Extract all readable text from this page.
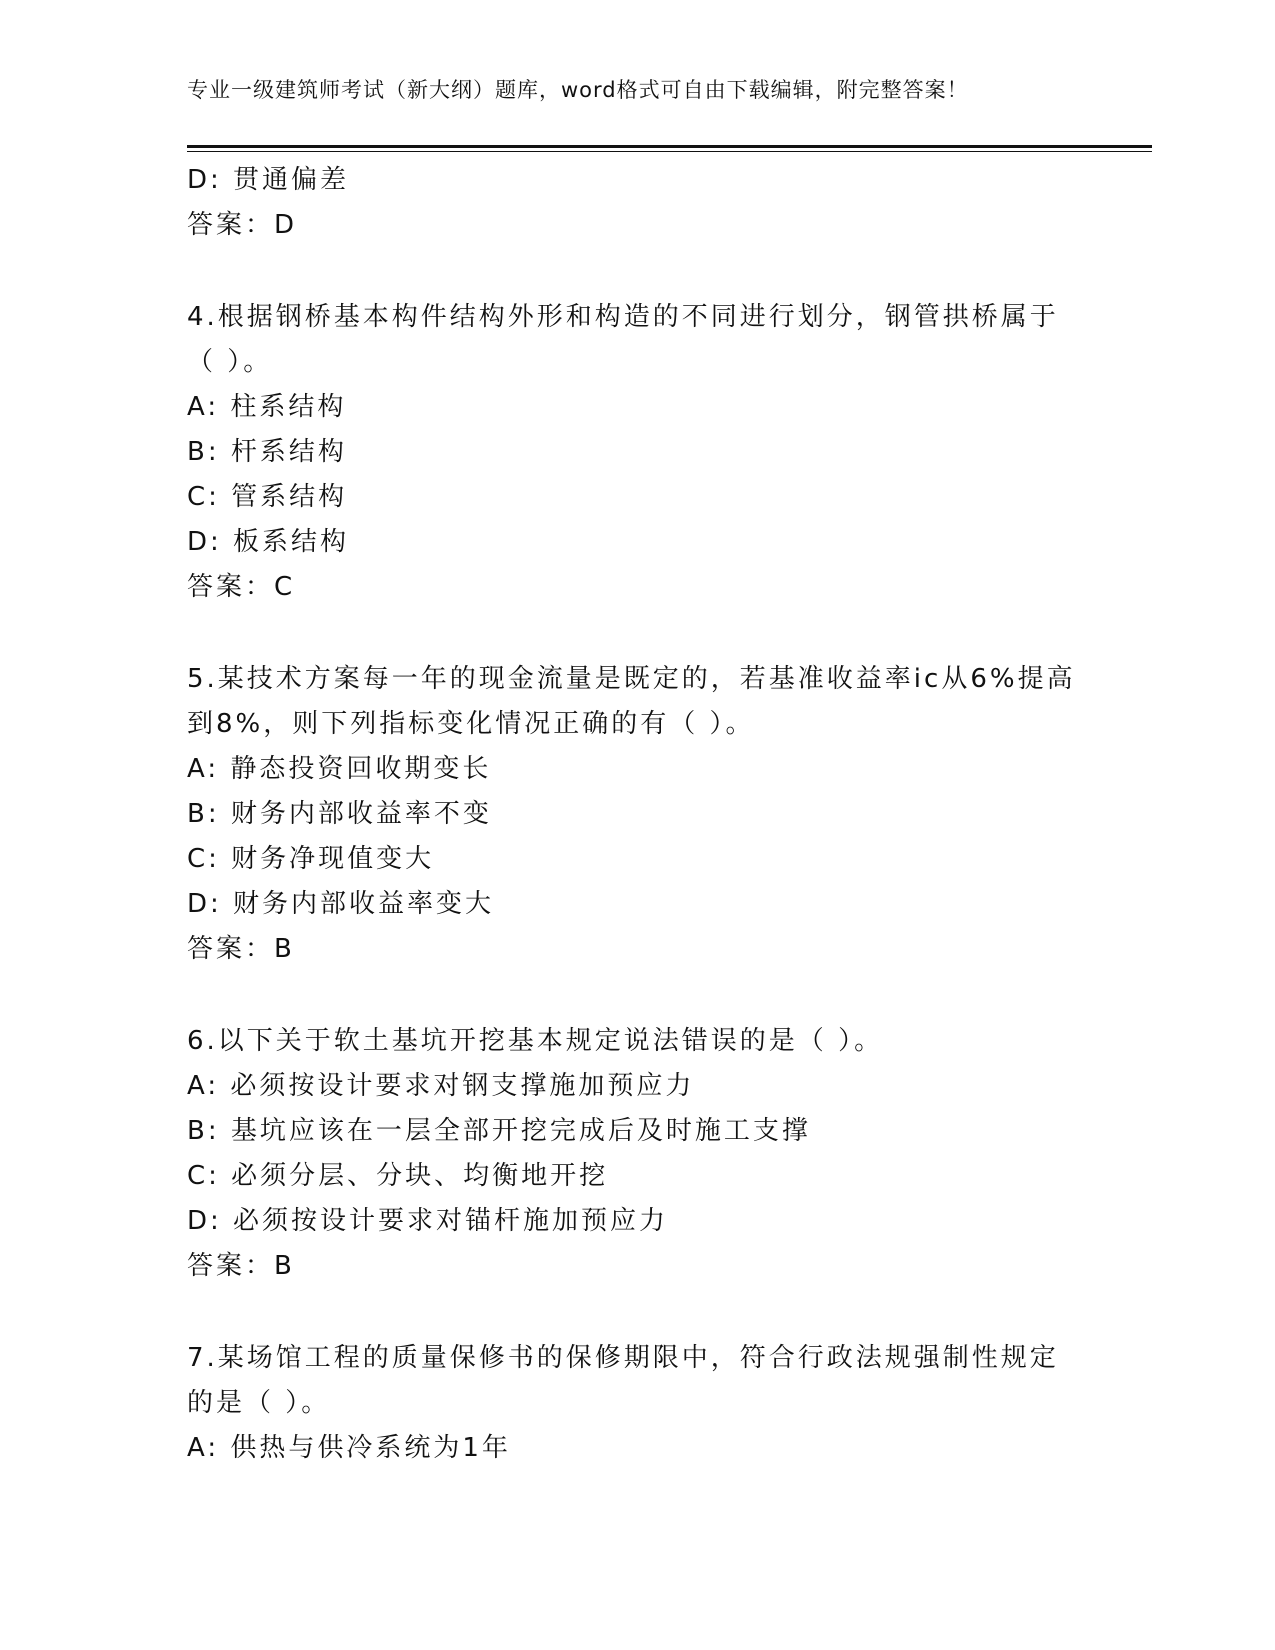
专业一级建筑师考试（新大纲）题库，word格式可自由下载编辑，附完整答案！
D: 贯通偏差
答案：D
4.根据钢桥基本构件结构外形和构造的不同进行划分，钢管拱桥属于
（ ）。
A: 柱系结构
B: 杆系结构
C: 管系结构
D: 板系结构
答案：C
5.某技术方案每一年的现金流量是既定的，若基准收益率ic从6%提高
到8%，则下列指标变化情况正确的有（ ）。
A: 静态投资回收期变长
B: 财务内部收益率不变
C: 财务净现值变大
D: 财务内部收益率变大
答案：B
6.以下关于软土基坑开挖基本规定说法错误的是（ ）。
A: 必须按设计要求对钢支撑施加预应力
B: 基坑应该在一层全部开挖完成后及时施工支撑
C: 必须分层、分块、均衡地开挖
D: 必须按设计要求对锚杆施加预应力
答案：B
7.某场馆工程的质量保修书的保修期限中，符合行政法规强制性规定
的是（ ）。
A: 供热与供冷系统为1年
